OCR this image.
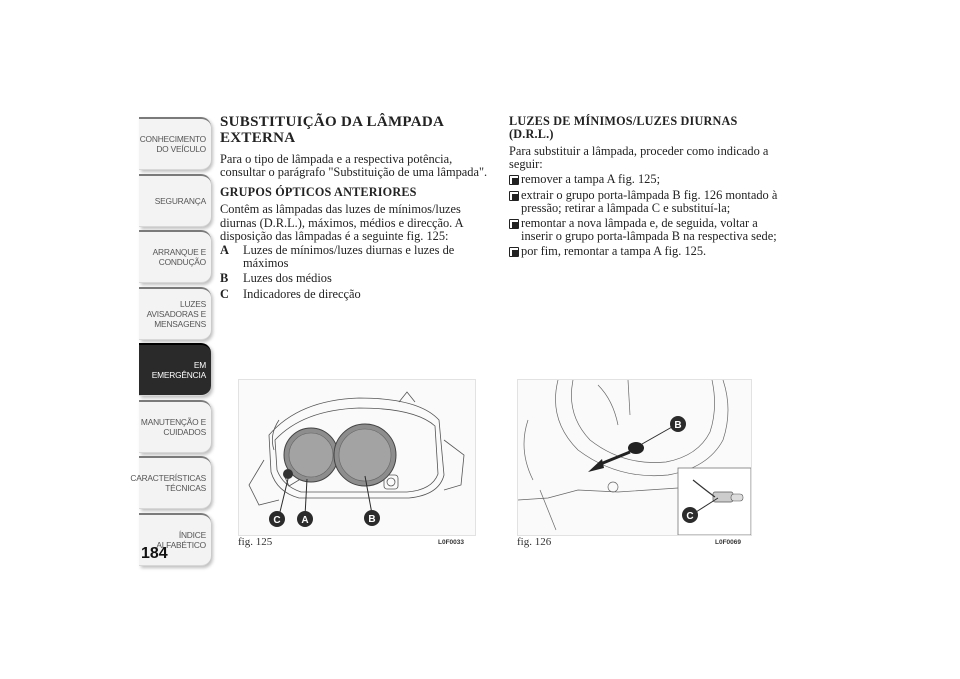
CONHECIMENTO
DO VEÍCULO
SEGURANÇA
ARRANQUE E
CONDUÇÃO
LUZES
AVISADORAS E
MENSAGENS
EM EMERGÊNCIA
MANUTENÇÃO E
CUIDADOS
CARACTERÍSTICAS
TÉCNICAS
ÍNDICE
ALFABÉTICO
184
SUBSTITUIÇÃO DA LÂMPADA EXTERNA

Para o tipo de lâmpada e a respectiva potência, consultar o parágrafo "Substituição de uma lâmpada".

GRUPOS ÓPTICOS ANTERIORES

Contêm as lâmpadas das luzes de mínimos/luzes diurnas (D.R.L.), máximos, médios e direcção. A disposição das lâmpadas é a seguinte fig. 125:

A Luzes de mínimos/luzes diurnas e luzes de máximos
B Luzes dos médios
C Indicadores de direcção
LUZES DE MÍNIMOS/LUZES DIURNAS (D.R.L.)

Para substituir a lâmpada, proceder como indicado a seguir:

remover a tampa A fig. 125;
extrair o grupo porta-lâmpada B fig. 126 montado à pressão; retirar a lâmpada C e substituí-la;
remontar a nova lâmpada e, de seguida, voltar a inserir o grupo porta-lâmpada B na respectiva sede;
por fim, remontar a tampa A fig. 125.
C A	B
fig. 125	L0F0033
B
C
fig. 126	L0F0069
